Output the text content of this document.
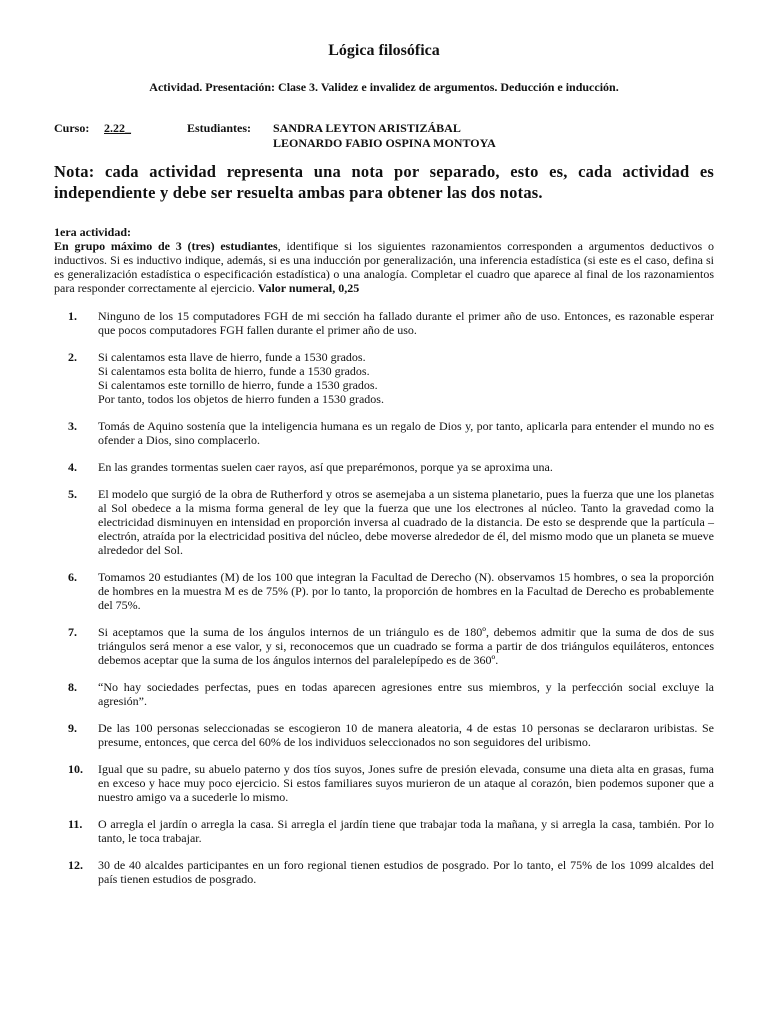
Lógica filosófica
Actividad. Presentación: Clase 3. Validez e invalidez de argumentos. Deducción e inducción.
Curso:	2.22_	Estudiantes:	SANDRA LEYTON ARISTIZÁBAL
LEONARDO FABIO OSPINA MONTOYA
Nota: cada actividad representa una nota por separado, esto es, cada actividad es independiente y debe ser resuelta ambas para obtener las dos notas.
1era actividad:
En grupo máximo de 3 (tres) estudiantes, identifique si los siguientes razonamientos corresponden a argumentos deductivos o inductivos. Si es inductivo indique, además, si es una inducción por generalización, una inferencia estadística (si este es el caso, defina si es generalización estadística o especificación estadística) o una analogía. Completar el cuadro que aparece al final de los razonamientos para responder correctamente al ejercicio. Valor numeral, 0,25
1.	Ninguno de los 15 computadores FGH de mi sección ha fallado durante el primer año de uso. Entonces, es razonable esperar que pocos computadores FGH fallen durante el primer año de uso.
2.	Si calentamos esta llave de hierro, funde a 1530 grados.
Si calentamos esta bolita de hierro, funde a 1530 grados.
Si calentamos este tornillo de hierro, funde a 1530 grados.
Por tanto, todos los objetos de hierro funden a 1530 grados.
3.	Tomás de Aquino sostenía que la inteligencia humana es un regalo de Dios y, por tanto, aplicarla para entender el mundo no es ofender a Dios, sino complacerlo.
4.	En las grandes tormentas suelen caer rayos, así que preparémonos, porque ya se aproxima una.
5.	El modelo que surgió de la obra de Rutherford y otros se asemejaba a un sistema planetario, pues la fuerza que une los planetas al Sol obedece a la misma forma general de ley que la fuerza que une los electrones al núcleo. Tanto la gravedad como la electricidad disminuyen en intensidad en proporción inversa al cuadrado de la distancia. De esto se desprende que la partícula – electrón, atraída por la electricidad positiva del núcleo, debe moverse alrededor de él, del mismo modo que un planeta se mueve alrededor del Sol.
6.	Tomamos 20 estudiantes (M) de los 100 que integran la Facultad de Derecho (N). observamos 15 hombres, o sea la proporción de hombres en la muestra M es de 75% (P). por lo tanto, la proporción de hombres en la Facultad de Derecho es probablemente del 75%.
7.	Si aceptamos que la suma de los ángulos internos de un triángulo es de 180º, debemos admitir que la suma de dos de sus triángulos será menor a ese valor, y si, reconocemos que un cuadrado se forma a partir de dos triángulos equiláteros, entonces debemos aceptar que la suma de los ángulos internos del paralelepípedo es de 360º.
8.	“No hay sociedades perfectas, pues en todas aparecen agresiones entre sus miembros, y la perfección social excluye la agresión”.
9.	De las 100 personas seleccionadas se escogieron 10 de manera aleatoria, 4 de estas 10 personas se declararon uribistas. Se presume, entonces, que cerca del 60% de los individuos seleccionados no son seguidores del uribismo.
10.	Igual que su padre, su abuelo paterno y dos tíos suyos, Jones sufre de presión elevada, consume una dieta alta en grasas, fuma en exceso y hace muy poco ejercicio. Si estos familiares suyos murieron de un ataque al corazón, bien podemos suponer que a nuestro amigo va a sucederle lo mismo.
11.	O arregla el jardín o arregla la casa. Si arregla el jardín tiene que trabajar toda la mañana, y si arregla la casa, también. Por lo tanto, le toca trabajar.
12.	30 de 40 alcaldes participantes en un foro regional tienen estudios de posgrado. Por lo tanto, el 75% de los 1099 alcaldes del país tienen estudios de posgrado.
